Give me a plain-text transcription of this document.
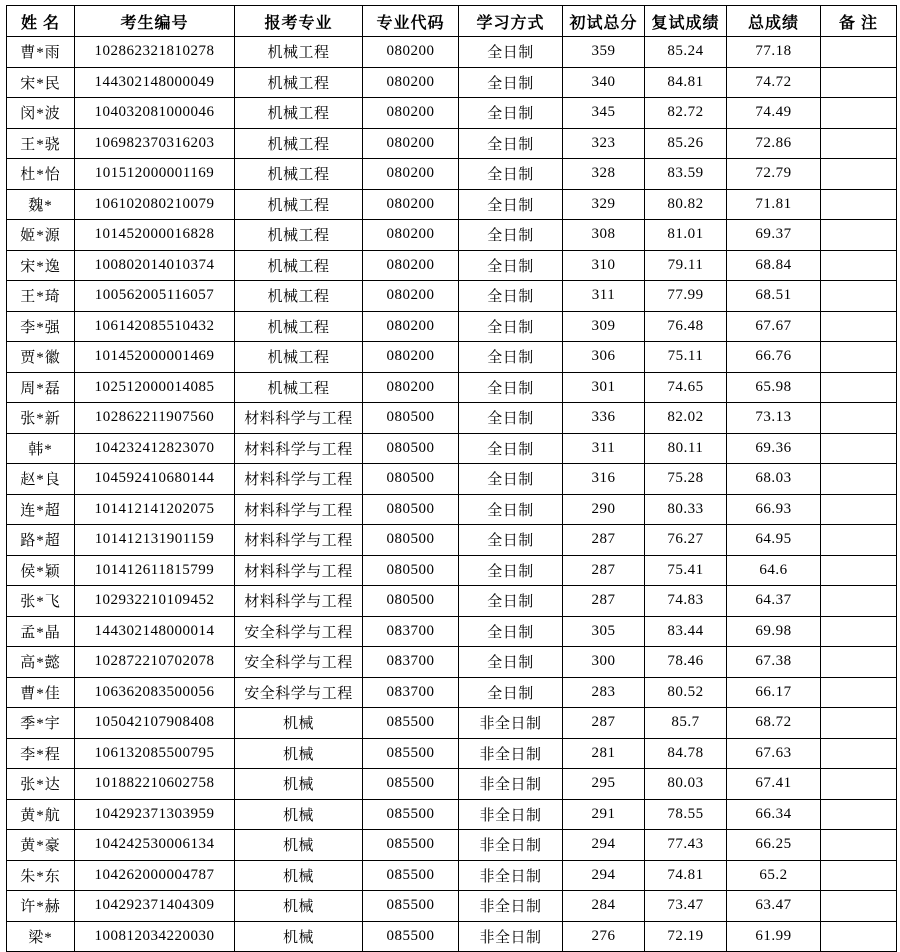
姓 名	考生编号	报考专业	专业代码	学习方式	初试总分	复试成绩	总成绩	备 注
曹*雨	102862321810278	机械工程	080200	全日制	359	85.24	77.18	
宋*民	144302148000049	机械工程	080200	全日制	340	84.81	74.72	
闵*波	104032081000046	机械工程	080200	全日制	345	82.72	74.49	
王*骁	106982370316203	机械工程	080200	全日制	323	85.26	72.86	
杜*怡	101512000001169	机械工程	080200	全日制	328	83.59	72.79	
魏*	106102080210079	机械工程	080200	全日制	329	80.82	71.81	
姬*源	101452000016828	机械工程	080200	全日制	308	81.01	69.37	
宋*逸	100802014010374	机械工程	080200	全日制	310	79.11	68.84	
王*琦	100562005116057	机械工程	080200	全日制	311	77.99	68.51	
李*强	106142085510432	机械工程	080200	全日制	309	76.48	67.67	
贾*徽	101452000001469	机械工程	080200	全日制	306	75.11	66.76	
周*磊	102512000014085	机械工程	080200	全日制	301	74.65	65.98	
张*新	102862211907560	材料科学与工程	080500	全日制	336	82.02	73.13	
韩*	104232412823070	材料科学与工程	080500	全日制	311	80.11	69.36	
赵*良	104592410680144	材料科学与工程	080500	全日制	316	75.28	68.03	
连*超	101412141202075	材料科学与工程	080500	全日制	290	80.33	66.93	
路*超	101412131901159	材料科学与工程	080500	全日制	287	76.27	64.95	
侯*颖	101412611815799	材料科学与工程	080500	全日制	287	75.41	64.6	
张*飞	102932210109452	材料科学与工程	080500	全日制	287	74.83	64.37	
孟*晶	144302148000014	安全科学与工程	083700	全日制	305	83.44	69.98	
高*懿	102872210702078	安全科学与工程	083700	全日制	300	78.46	67.38	
曹*佳	106362083500056	安全科学与工程	083700	全日制	283	80.52	66.17	
季*宇	105042107908408	机械	085500	非全日制	287	85.7	68.72	
李*程	106132085500795	机械	085500	非全日制	281	84.78	67.63	
张*达	101882210602758	机械	085500	非全日制	295	80.03	67.41	
黄*航	104292371303959	机械	085500	非全日制	291	78.55	66.34	
黄*豪	104242530006134	机械	085500	非全日制	294	77.43	66.25	
朱*东	104262000004787	机械	085500	非全日制	294	74.81	65.2	
许*赫	104292371404309	机械	085500	非全日制	284	73.47	63.47	
梁*	100812034220030	机械	085500	非全日制	276	72.19	61.99	
